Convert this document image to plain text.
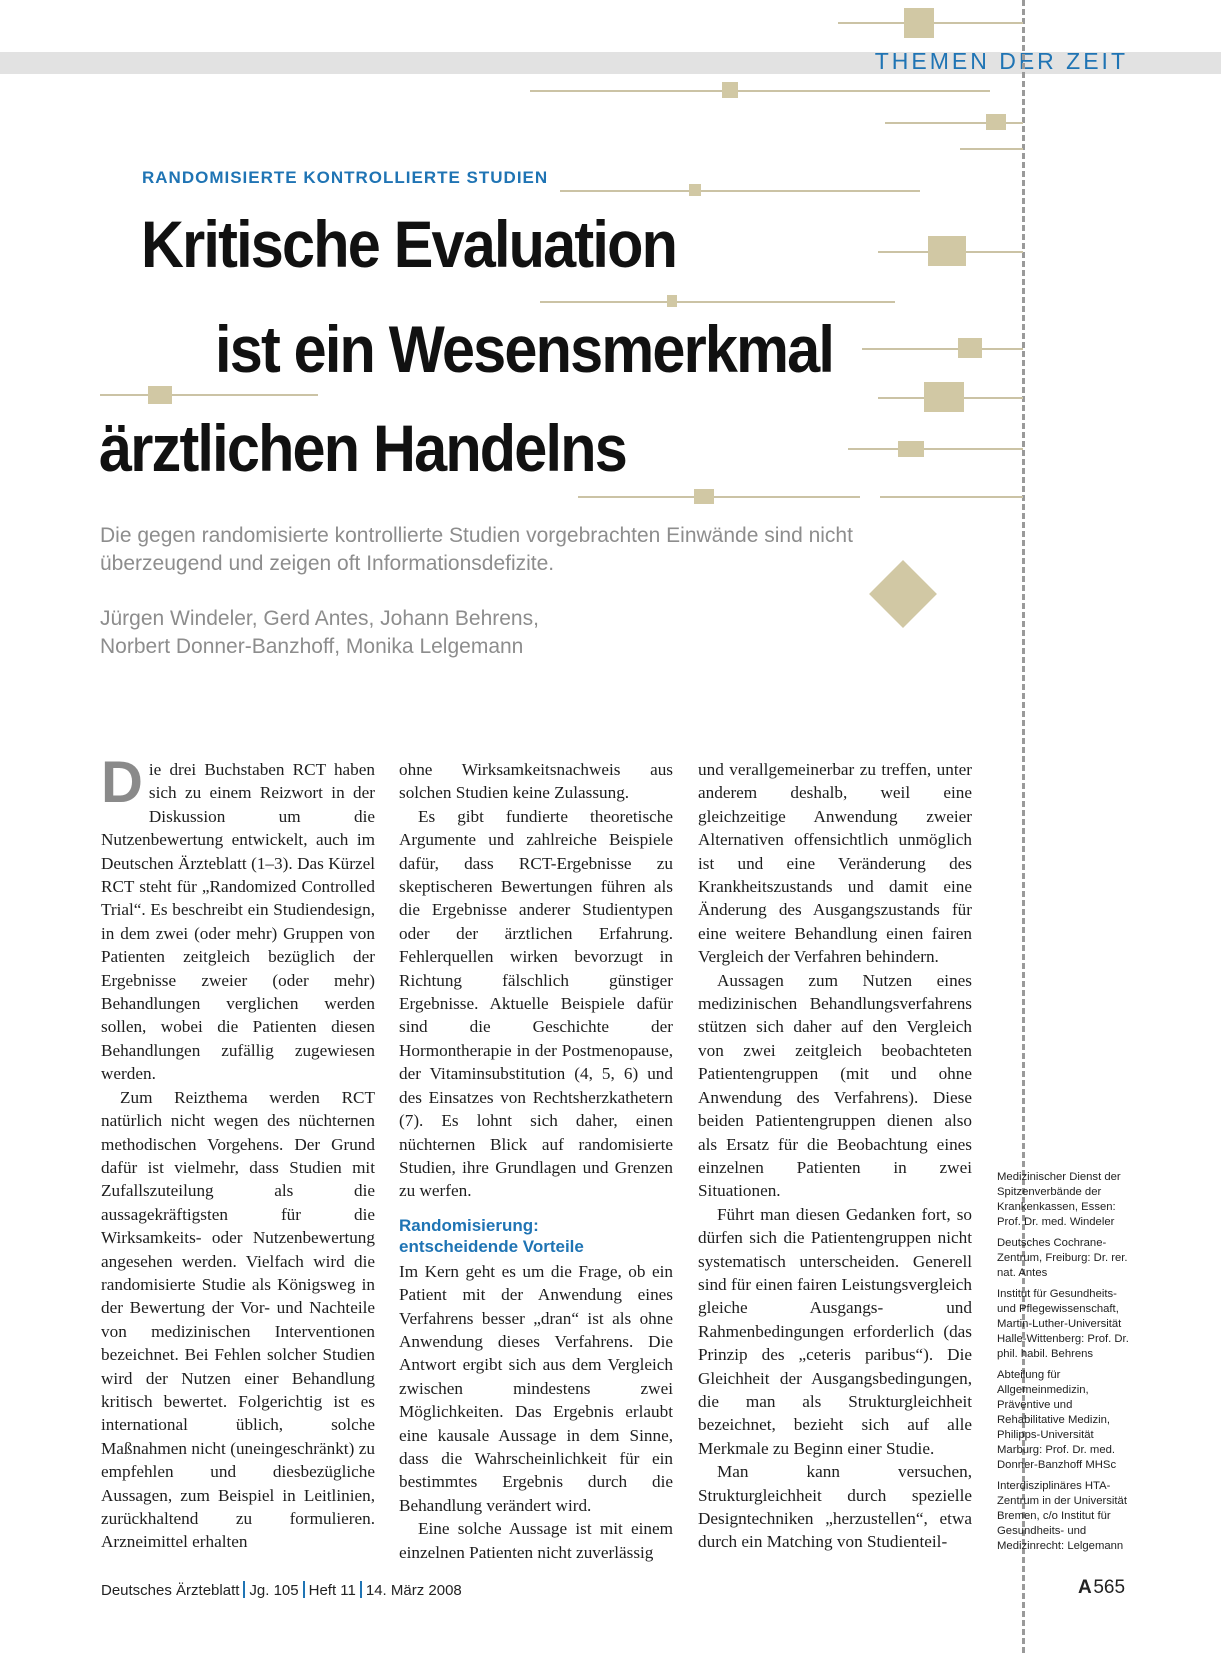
THEMEN DER ZEIT
RANDOMISIERTE KONTROLLIERTE STUDIEN
Kritische Evaluation
ist ein Wesensmerkmal
ärztlichen Handelns
Die gegen randomisierte kontrollierte Studien vorgebrachten Einwände sind nicht überzeugend und zeigen oft Informationsdefizite.
Jürgen Windeler, Gerd Antes, Johann Behrens,
Norbert Donner-Banzhoff, Monika Lelgemann

Die drei Buchstaben RCT haben sich zu einem Reizwort in der Diskussion um die Nutzenbewertung entwickelt, auch im Deutschen Ärzteblatt (1–3). Das Kürzel RCT steht für „Randomized Controlled Trial“. Es beschreibt ein Studiendesign, in dem zwei (oder mehr) Gruppen von Patienten zeitgleich bezüglich der Ergebnisse zweier (oder mehr) Behandlungen verglichen werden sollen, wobei die Patienten diesen Behandlungen zufällig zugewiesen werden.

Zum Reizthema werden RCT natürlich nicht wegen des nüchternen methodischen Vorgehens. Der Grund dafür ist vielmehr, dass Studien mit Zufallszuteilung als die aussagekräftigsten für die Wirksamkeits- oder Nutzenbewertung angesehen werden. Vielfach wird die randomisierte Studie als Königsweg in der Bewertung der Vor- und Nachteile von medizinischen Interventionen bezeichnet. Bei Fehlen solcher Studien wird der Nutzen einer Behandlung kritisch bewertet. Folgerichtig ist es international üblich, solche Maßnahmen nicht (uneingeschränkt) zu empfehlen und diesbezügliche Aussagen, zum Beispiel in Leitlinien, zurückhaltend zu formulieren. Arzneimittel erhalten

ohne Wirksamkeitsnachweis aus solchen Studien keine Zulassung.

Es gibt fundierte theoretische Argumente und zahlreiche Beispiele dafür, dass RCT-Ergebnisse zu skeptischeren Bewertungen führen als die Ergebnisse anderer Studientypen oder der ärztlichen Erfahrung. Fehlerquellen wirken bevorzugt in Richtung fälschlich günstiger Ergebnisse. Aktuelle Beispiele dafür sind die Geschichte der Hormontherapie in der Postmenopause, der Vitaminsubstitution (4, 5, 6) und des Einsatzes von Rechtsherzkathetern (7). Es lohnt sich daher, einen nüchternen Blick auf randomisierte Studien, ihre Grundlagen und Grenzen zu werfen.

Randomisierung:
entscheidende Vorteile

Im Kern geht es um die Frage, ob ein Patient mit der Anwendung eines Verfahrens besser „dran“ ist als ohne Anwendung dieses Verfahrens. Die Antwort ergibt sich aus dem Vergleich zwischen mindestens zwei Möglichkeiten. Das Ergebnis erlaubt eine kausale Aussage in dem Sinne, dass die Wahrscheinlichkeit für ein bestimmtes Ergebnis durch die Behandlung verändert wird.

Eine solche Aussage ist mit einem einzelnen Patienten nicht zuverlässig

und verallgemeinerbar zu treffen, unter anderem deshalb, weil eine gleichzeitige Anwendung zweier Alternativen offensichtlich unmöglich ist und eine Veränderung des Krankheitszustands und damit eine Änderung des Ausgangszustands für eine weitere Behandlung einen fairen Vergleich der Verfahren behindern.

Aussagen zum Nutzen eines medizinischen Behandlungsverfahrens stützen sich daher auf den Vergleich von zwei zeitgleich beobachteten Patientengruppen (mit und ohne Anwendung des Verfahrens). Diese beiden Patientengruppen dienen also als Ersatz für die Beobachtung eines einzelnen Patienten in zwei Situationen.

Führt man diesen Gedanken fort, so dürfen sich die Patientengruppen nicht systematisch unterscheiden. Generell sind für einen fairen Leistungsvergleich gleiche Ausgangs- und Rahmenbedingungen erforderlich (das Prinzip des „ceteris paribus“). Die Gleichheit der Ausgangsbedingungen, die man als Strukturgleichheit bezeichnet, bezieht sich auf alle Merkmale zu Beginn einer Studie.

Man kann versuchen, Strukturgleichheit durch spezielle Designtechniken „herzustellen“, etwa durch ein Matching von Studienteil-

Medizinischer Dienst der Spitzenverbände der Krankenkassen, Essen: Prof. Dr. med. Windeler
Deutsches Cochrane-Zentrum, Freiburg: Dr. rer. nat. Antes
Institut für Gesundheits- und Pflegewissenschaft, Martin-Luther-Universität Halle-Wittenberg: Prof. Dr. phil. habil. Behrens
Abteilung für Allgemeinmedizin, Präventive und Rehabilitative Medizin, Philipps-Universität Marburg: Prof. Dr. med. Donner-Banzhoff MHSc
Interdisziplinäres HTA-Zentrum in der Universität Bremen, c/o Institut für Gesundheits- und Medizinrecht: Lelgemann
Deutsches Ärzteblatt Jg. 105 Heft 11 14. März 2008	A 565
